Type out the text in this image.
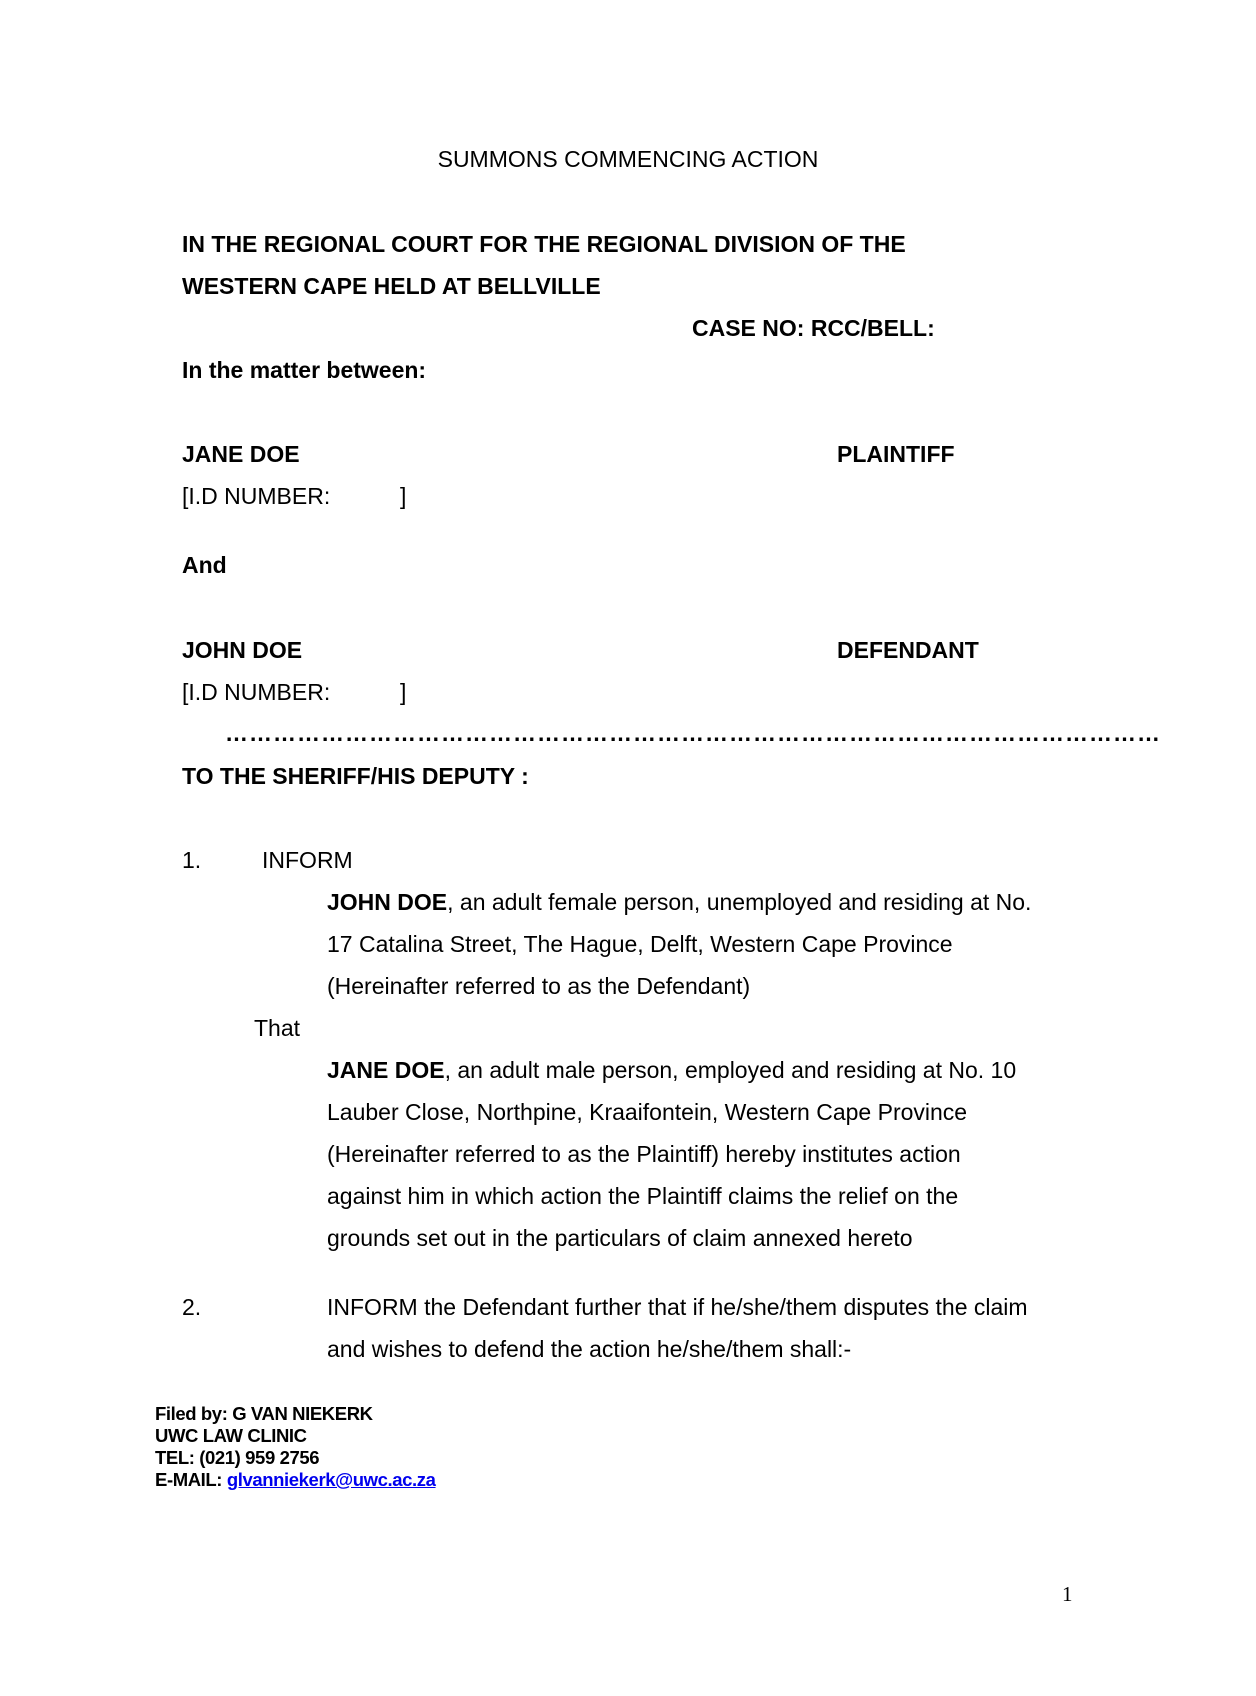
SUMMONS COMMENCING ACTION
IN THE REGIONAL COURT FOR THE REGIONAL DIVISION OF THE
WESTERN CAPE HELD AT BELLVILLE
CASE NO: RCC/BELL:
In the matter between:
JANE DOE	PLAINTIFF
[I.D NUMBER:	]
And
JOHN DOE	DEFENDANT
[I.D NUMBER:	]
………………………………………………………………………………………………………
TO THE SHERIFF/HIS DEPUTY :
1.	INFORM
JOHN DOE, an adult female person, unemployed and residing at No.
17 Catalina Street, The Hague, Delft, Western Cape Province
(Hereinafter referred to as the Defendant)
That
JANE DOE, an adult male person, employed and residing at No. 10
Lauber Close, Northpine, Kraaifontein, Western Cape Province
(Hereinafter referred to as the Plaintiff) hereby institutes action
against him in which action the Plaintiff claims the relief on the
grounds set out in the particulars of claim annexed hereto
2.	INFORM the Defendant further that if he/she/them disputes the claim
and wishes to defend the action he/she/them shall:-
Filed by: G VAN NIEKERK
UWC LAW CLINIC
TEL: (021) 959 2756
E-MAIL: glvanniekerk@uwc.ac.za
1
